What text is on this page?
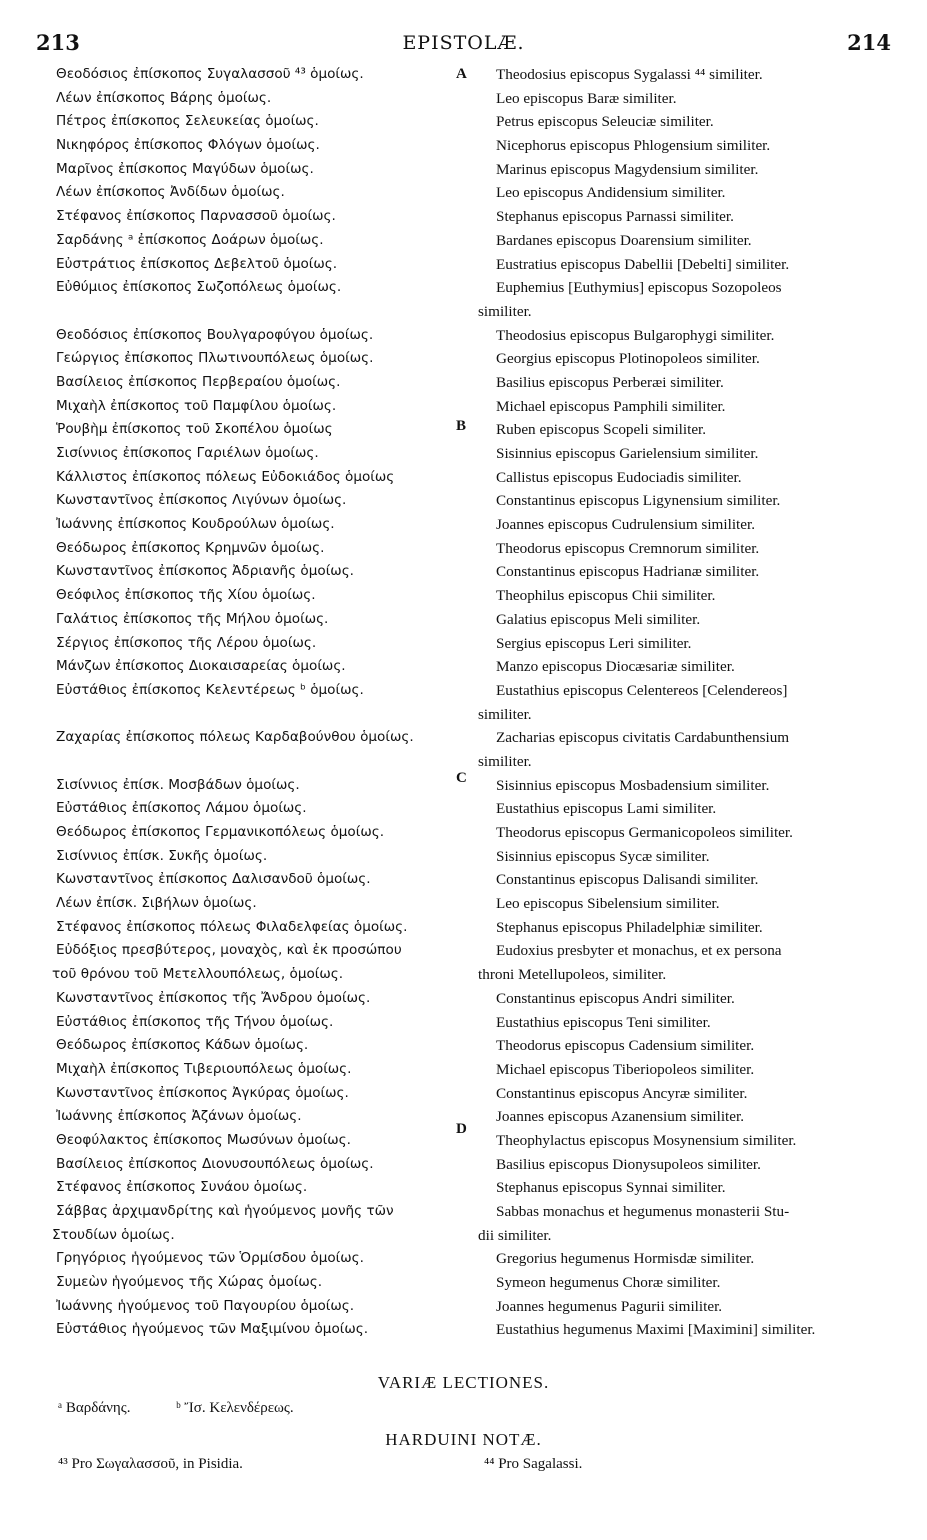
213	EPISTOLÆ.	214
Θεοδόσιος ἐπίσκοπος Συγαλασσοῦ ⁴³ ὁμοίως.
Λέων ἐπίσκοπος Βάρης ὁμοίως.
Πέτρος ἐπίσκοπος Σελευκείας ὁμοίως.
Νικηφόρος ἐπίσκοπος Φλόγων ὁμοίως.
Μαρῖνος ἐπίσκοπος Μαγύδων ὁμοίως.
Λέων ἐπίσκοπος Ἀνδίδων ὁμοίως.
Στέφανος ἐπίσκοπος Παρνασσοῦ ὁμοίως.
Σαρδάνης ᵃ ἐπίσκοπος Δοάρων ὁμοίως.
Εὐστράτιος ἐπίσκοπος Δεβελτοῦ ὁμοίως.
Εὐθύμιος ἐπίσκοπος Σωζοπόλεως ὁμοίως.
Θεοδόσιος ἐπίσκοπος Βουλγαροφύγου ὁμοίως.
Γεώργιος ἐπίσκοπος Πλωτινουπόλεως ὁμοίως.
Βασίλειος ἐπίσκοπος Περβεραίου ὁμοίως.
Μιχαὴλ ἐπίσκοπος τοῦ Παμφίλου ὁμοίως.
Ῥουβὴμ ἐπίσκοπος τοῦ Σκοπέλου ὁμοίως
Σισίννιος ἐπίσκοπος Γαριέλων ὁμοίως.
Κάλλιστος ἐπίσκοπος πόλεως Εὐδοκιάδος ὁμοίως
Κωνσταντῖνος ἐπίσκοπος Λιγύνων ὁμοίως.
Ἰωάννης ἐπίσκοπος Κουδρούλων ὁμοίως.
Θεόδωρος ἐπίσκοπος Κρημνῶν ὁμοίως.
Κωνσταντῖνος ἐπίσκοπος Ἀδριανῆς ὁμοίως.
Θεόφιλος ἐπίσκοπος τῆς Χίου ὁμοίως.
Γαλάτιος ἐπίσκοπος τῆς Μήλου ὁμοίως.
Σέργιος ἐπίσκοπος τῆς Λέρου ὁμοίως.
Μάνζων ἐπίσκοπος Διοκαισαρείας ὁμοίως.
Εὐστάθιος ἐπίσκοπος Κελεντέρεως ᵇ ὁμοίως.
Ζαχαρίας ἐπίσκοπος πόλεως Καρδαβούνθου ὁμοίως.
Σισίννιος ἐπίσκ. Μοσβάδων ὁμοίως.
Εὐστάθιος ἐπίσκοπος Λάμου ὁμοίως.
Θεόδωρος ἐπίσκοπος Γερμανικοπόλεως ὁμοίως.
Σισίννιος ἐπίσκ. Συκῆς ὁμοίως.
Κωνσταντῖνος ἐπίσκοπος Δαλισανδοῦ ὁμοίως.
Λέων ἐπίσκ. Σιβήλων ὁμοίως.
Στέφανος ἐπίσκοπος πόλεως Φιλαδελφείας ὁμοίως.
Εὐδόξιος πρεσβύτερος, μοναχὸς, καὶ ἐκ προσώπου
τοῦ θρόνου τοῦ Μετελλουπόλεως, ὁμοίως.
Κωνσταντῖνος ἐπίσκοπος τῆς Ἄνδρου ὁμοίως.
Εὐστάθιος ἐπίσκοπος τῆς Τήνου ὁμοίως.
Θεόδωρος ἐπίσκοπος Κάδων ὁμοίως.
Μιχαὴλ ἐπίσκοπος Τιβεριουπόλεως ὁμοίως.
Κωνσταντῖνος ἐπίσκοπος Ἀγκύρας ὁμοίως.
Ἰωάννης ἐπίσκοπος Ἀζάνων ὁμοίως.
Θεοφύλακτος ἐπίσκοπος Μωσύνων ὁμοίως.
Βασίλειος ἐπίσκοπος Διονυσουπόλεως ὁμοίως.
Στέφανος ἐπίσκοπος Συνάου ὁμοίως.
Σάββας ἀρχιμανδρίτης καὶ ἡγούμενος μονῆς τῶν
Στουδίων ὁμοίως.
Γρηγόριος ἡγούμενος τῶν Ὁρμίσδου ὁμοίως.
Συμεὼν ἡγούμενος τῆς Χώρας ὁμοίως.
Ἰωάννης ἡγούμενος τοῦ Παγουρίου ὁμοίως.
Εὐστάθιος ἡγούμενος τῶν Μαξιμίνου ὁμοίως.
Theodosius episcopus Sygalassi ⁴⁴ similiter.
Leo episcopus Baræ similiter.
Petrus episcopus Seleuciæ similiter.
Nicephorus episcopus Phlogensium similiter.
Marinus episcopus Magydensium similiter.
Leo episcopus Andidensium similiter.
Stephanus episcopus Parnassi similiter.
Bardanes episcopus Doarensium similiter.
Eustratius episcopus Dabellii [Debelti] similiter.
Euphemius [Euthymius] episcopus Sozopoleos
similiter.
Theodosius episcopus Bulgarophygi similiter.
Georgius episcopus Plotinopoleos similiter.
Basilius episcopus Perberæi similiter.
Michael episcopus Pamphili similiter.
Ruben episcopus Scopeli similiter.
Sisinnius episcopus Garielensium similiter.
Callistus episcopus Eudociadis similiter.
Constantinus episcopus Ligynensium similiter.
Joannes episcopus Cudrulensium similiter.
Theodorus episcopus Cremnorum similiter.
Constantinus episcopus Hadrianæ similiter.
Theophilus episcopus Chii similiter.
Galatius episcopus Meli similiter.
Sergius episcopus Leri similiter.
Manzo episcopus Diocæsariæ similiter.
Eustathius episcopus Celentereos [Celendereos]
similiter.
Zacharias episcopus civitatis Cardabunthensium
similiter.
Sisinnius episcopus Mosbadensium similiter.
Eustathius episcopus Lami similiter.
Theodorus episcopus Germanicopoleos similiter.
Sisinnius episcopus Sycæ similiter.
Constantinus episcopus Dalisandi similiter.
Leo episcopus Sibelensium similiter.
Stephanus episcopus Philadelphiæ similiter.
Eudoxius presbyter et monachus, et ex persona
throni Metellupoleos, similiter.
Constantinus episcopus Andri similiter.
Eustathius episcopus Teni similiter.
Theodorus episcopus Cadensium similiter.
Michael episcopus Tiberiopoleos similiter.
Constantinus episcopus Ancyræ similiter.
Joannes episcopus Azanensium similiter.
Theophylactus episcopus Mosynensium similiter.
Basilius episcopus Dionysupoleos similiter.
Stephanus episcopus Synnai similiter.
Sabbas monachus et hegumenus monasterii Stu-
dii similiter.
Gregorius hegumenus Hormisdæ similiter.
Symeon hegumenus Choræ similiter.
Joannes hegumenus Pagurii similiter.
Eustathius hegumenus Maximi [Maximini] similiter.
A
B
C
D
VARIÆ LECTIONES.
ᵃ Βαρδάνης.	ᵇ Ἴσ. Κελενδέρεως.
HARDUINI NOTÆ.
⁴³ Pro Σωγαλασσοῦ, in Pisidia.	⁴⁴ Pro Sagalassi.
